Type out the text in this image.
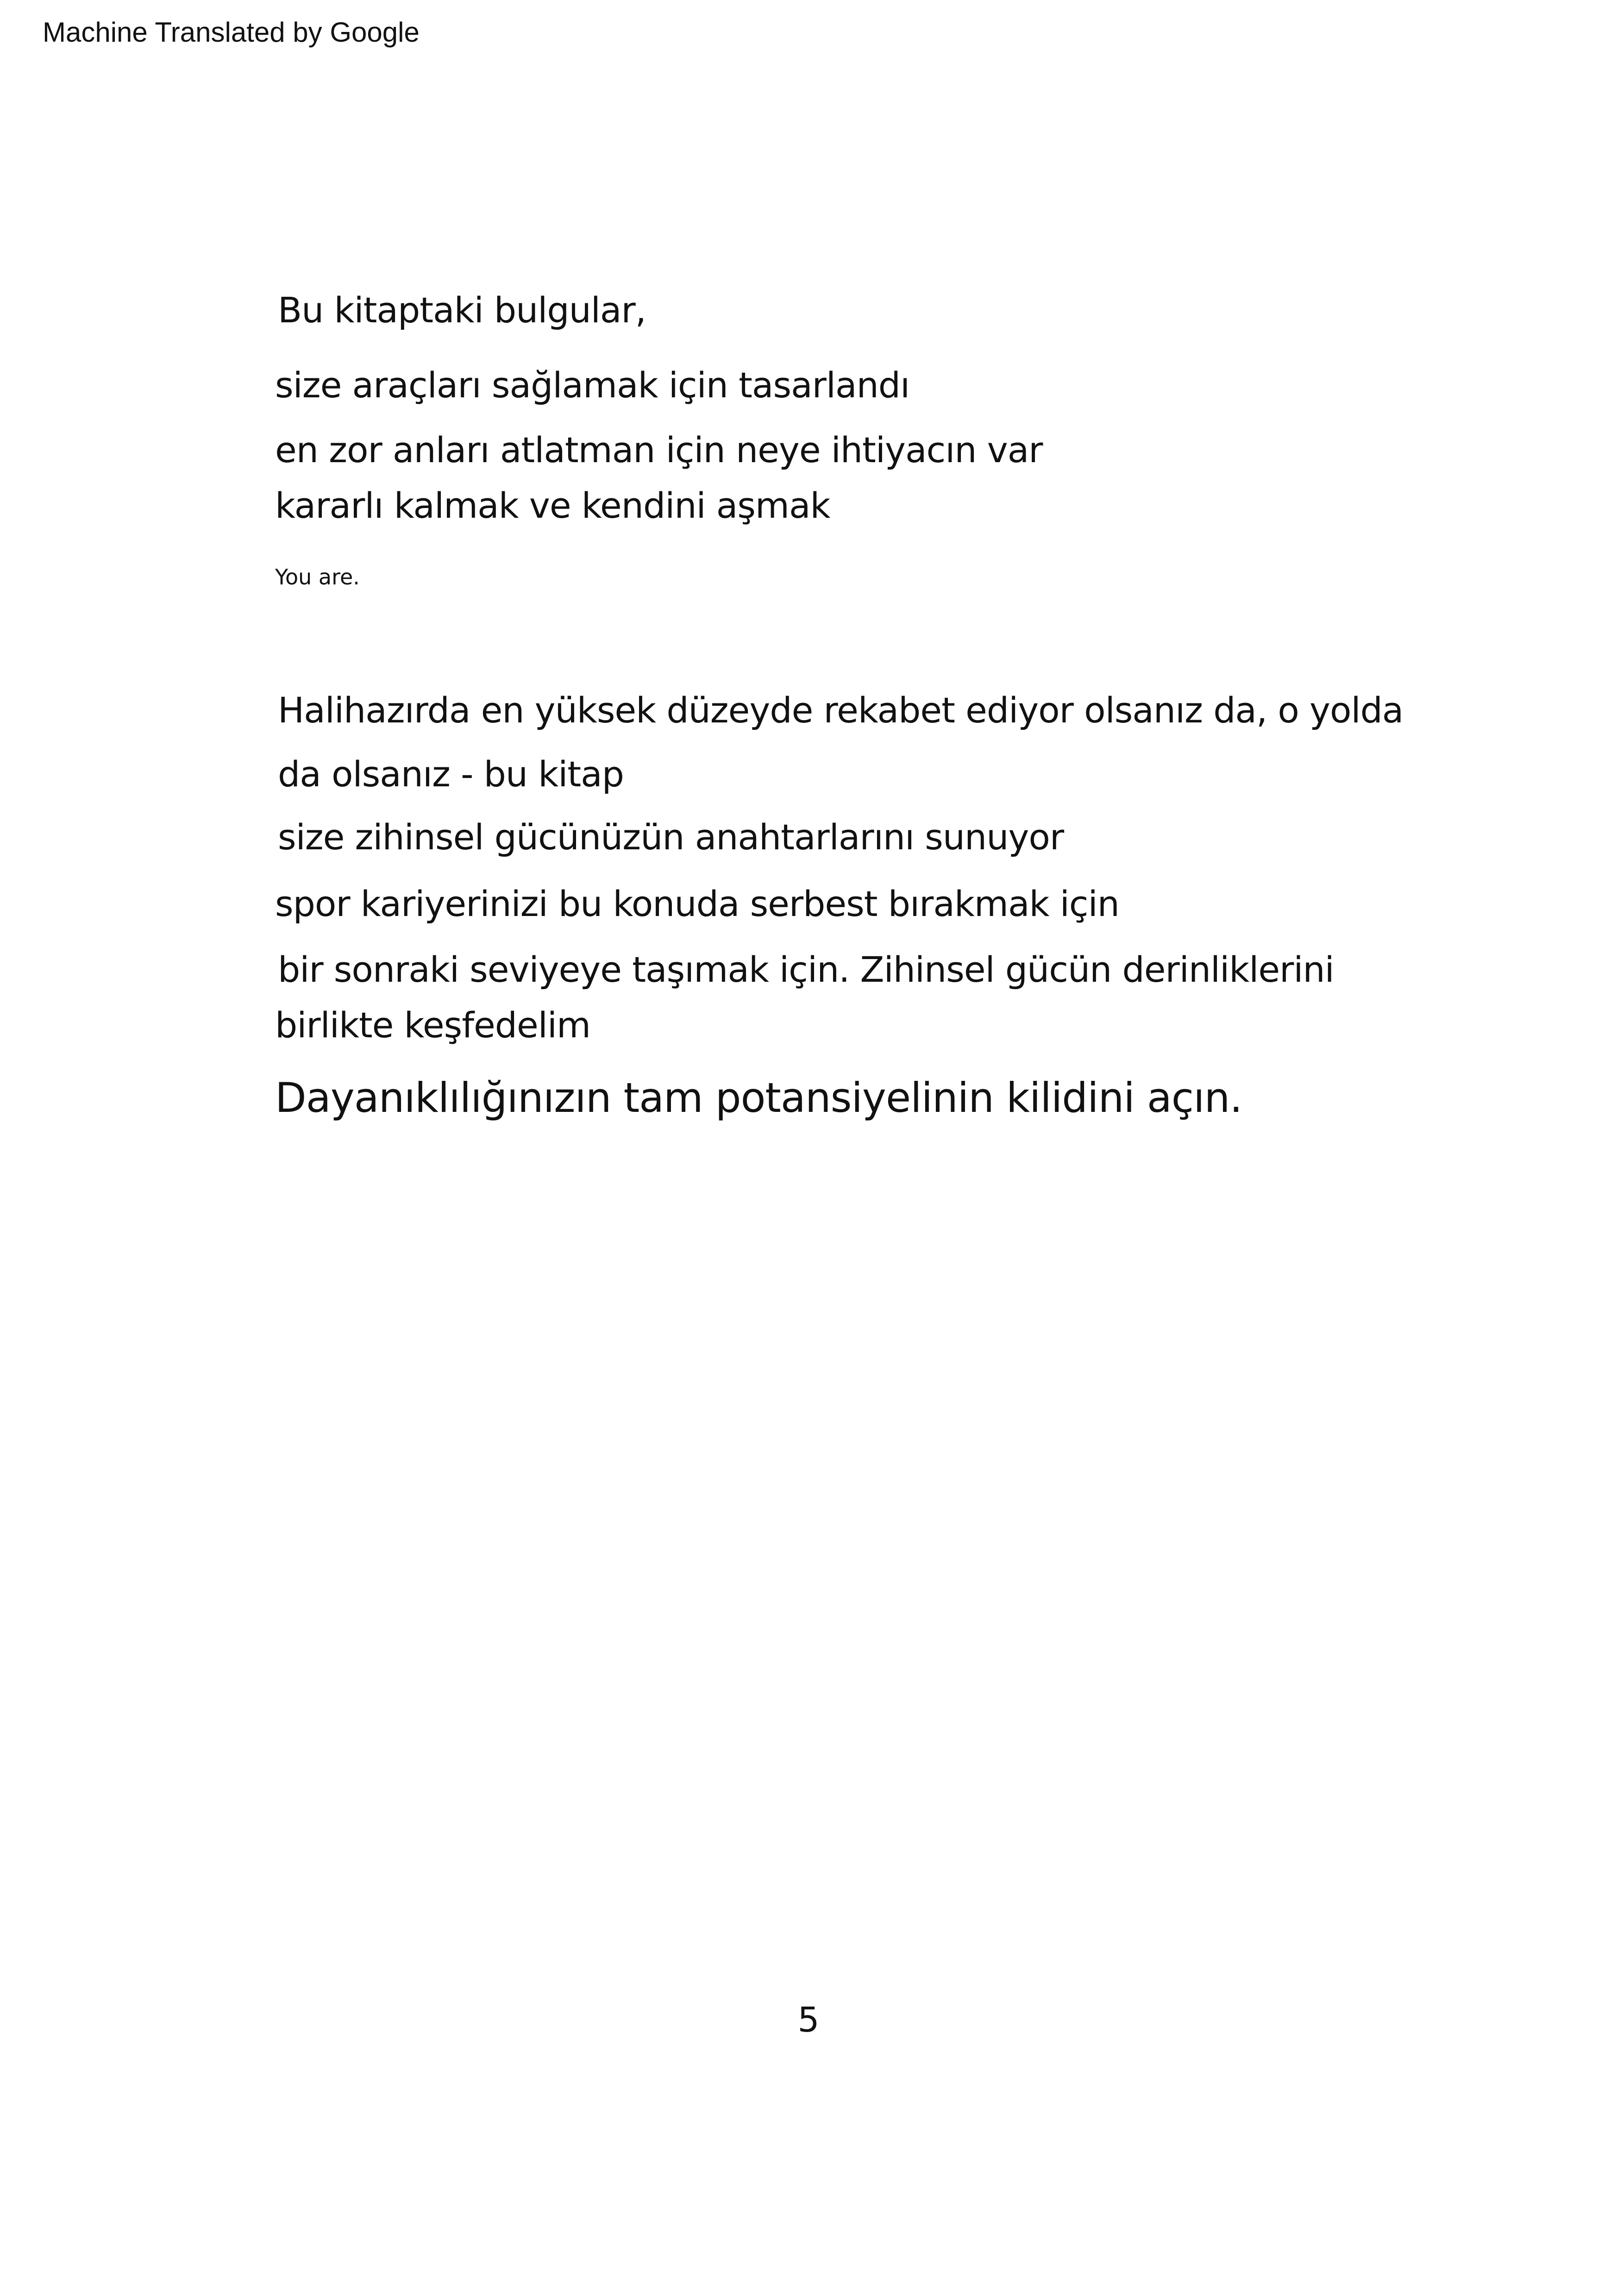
Machine Translated by Google
Bu kitaptaki bulgular,
size araçları sağlamak için tasarlandı
en zor anları atlatman için neye ihtiyacın var
kararlı kalmak ve kendini aşmak
You are.
Halihazırda en yüksek düzeyde rekabet ediyor olsanız da, o yolda
da olsanız - bu kitap
size zihinsel gücünüzün anahtarlarını sunuyor
spor kariyerinizi bu konuda serbest bırakmak için
bir sonraki seviyeye taşımak için. Zihinsel gücün derinliklerini
birlikte keşfedelim
Dayanıklılığınızın tam potansiyelinin kilidini açın.
5
